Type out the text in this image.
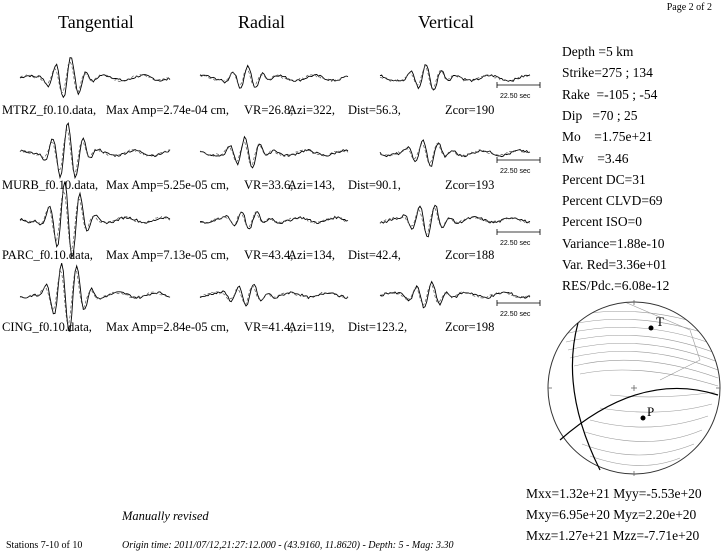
Page 2 of 2
Tangential	Radial	Vertical
MTRZ_f0.10.data, Max Amp=2.74e-04 cm, VR=26.8,
Azi=322, Dist=56.3,	Zcor=190
MURB_f0.10.data, Max Amp=5.25e-05 cm, VR=33.6,
Azi=143, Dist=90.1,	Zcor=193
PARC_f0.10.data, Max Amp=7.13e-05 cm, VR=43.4,
Azi=134, Dist=42.4,	Zcor=188
CING_f0.10.data, Max Amp=2.84e-05 cm, VR=41.4,
Azi=119, Dist=123.2,	Zcor=198
22.50 sec
22.50 sec
22.50 sec
22.50 sec
Depth =5 km
Strike=275 ; 134
Rake  =-105 ; -54
Dip   =70 ; 25
Mo    =1.75e+21
Mw    =3.46
Percent DC=31
Percent CLVD=69
Percent ISO=0
Variance=1.88e-10
Var. Red=3.36e+01
RES/Pdc.=6.08e-12
T
P
Mxx=1.32e+21 Myy=-5.53e+20
Mxy=6.95e+20 Myz=2.20e+20
Mxz=1.27e+21 Mzz=-7.71e+20
Manually revised
Stations 7-10 of 10	Origin time: 2011/07/12,21:27:12.000 - (43.9160, 11.8620) - Depth: 5 - Mag: 3.30
